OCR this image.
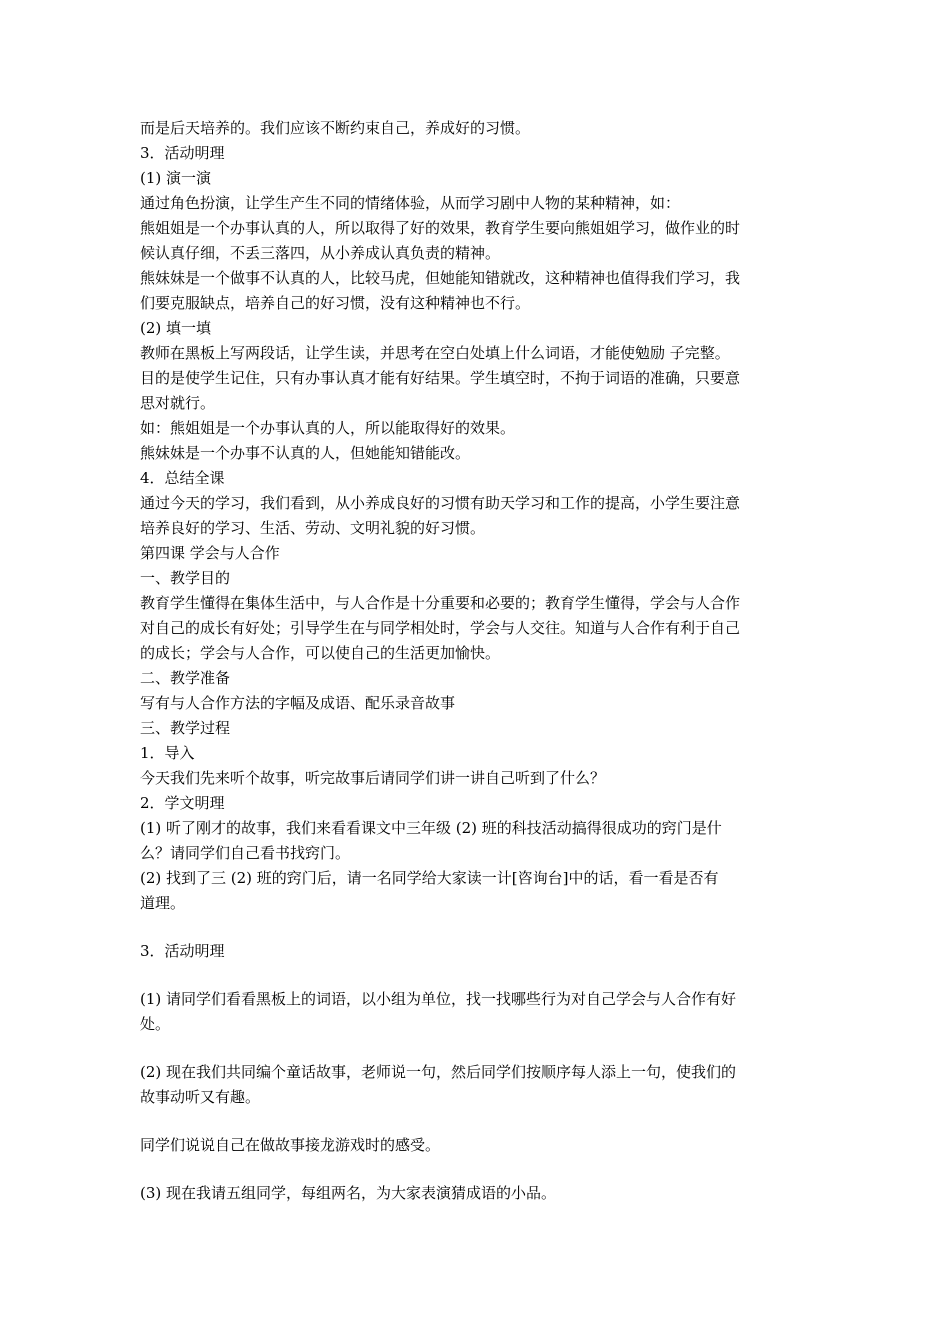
而是后天培养的。我们应该不断约束自己，养成好的习惯。
3．活动明理
(1) 演一演
通过角色扮演，让学生产生不同的情绪体验，从而学习剧中人物的某种精神，如：
熊姐姐是一个办事认真的人，所以取得了好的效果，教育学生要向熊姐姐学习，做作业的时
候认真仔细，不丢三落四，从小养成认真负责的精神。
熊妹妹是一个做事不认真的人，比较马虎，但她能知错就改，这种精神也值得我们学习，我
们要克服缺点，培养自己的好习惯，没有这种精神也不行。
(2) 填一填
教师在黑板上写两段话，让学生读，并思考在空白处填上什么词语，才能使勉励 子完整。
目的是使学生记住，只有办事认真才能有好结果。学生填空时，不拘于词语的准确，只要意
思对就行。
如：熊姐姐是一个办事认真的人，所以能取得好的效果。
熊妹妹是一个办事不认真的人，但她能知错能改。
4．总结全课
通过今天的学习，我们看到，从小养成良好的习惯有助天学习和工作的提高，小学生要注意
培养良好的学习、生活、劳动、文明礼貌的好习惯。
第四课 学会与人合作
一、教学目的
教育学生懂得在集体生活中，与人合作是十分重要和必要的；教育学生懂得，学会与人合作
对自己的成长有好处；引导学生在与同学相处时，学会与人交往。知道与人合作有利于自己
的成长；学会与人合作，可以使自己的生活更加愉快。
二、教学准备
写有与人合作方法的字幅及成语、配乐录音故事
三、教学过程
1．导入
今天我们先来听个故事，听完故事后请同学们讲一讲自己听到了什么？
2．学文明理
(1) 听了刚才的故事，我们来看看课文中三年级 (2) 班的科技活动搞得很成功的窍门是什
么？请同学们自己看书找窍门。
(2) 找到了三 (2) 班的窍门后，请一名同学给大家读一计[咨询台]中的话，看一看是否有
道理。
3．活动明理
(1) 请同学们看看黑板上的词语，以小组为单位，找一找哪些行为对自己学会与人合作有好
处。
(2) 现在我们共同编个童话故事，老师说一句，然后同学们按顺序每人添上一句，使我们的
故事动听又有趣。
同学们说说自己在做故事接龙游戏时的感受。
(3) 现在我请五组同学，每组两名，为大家表演猜成语的小品。
